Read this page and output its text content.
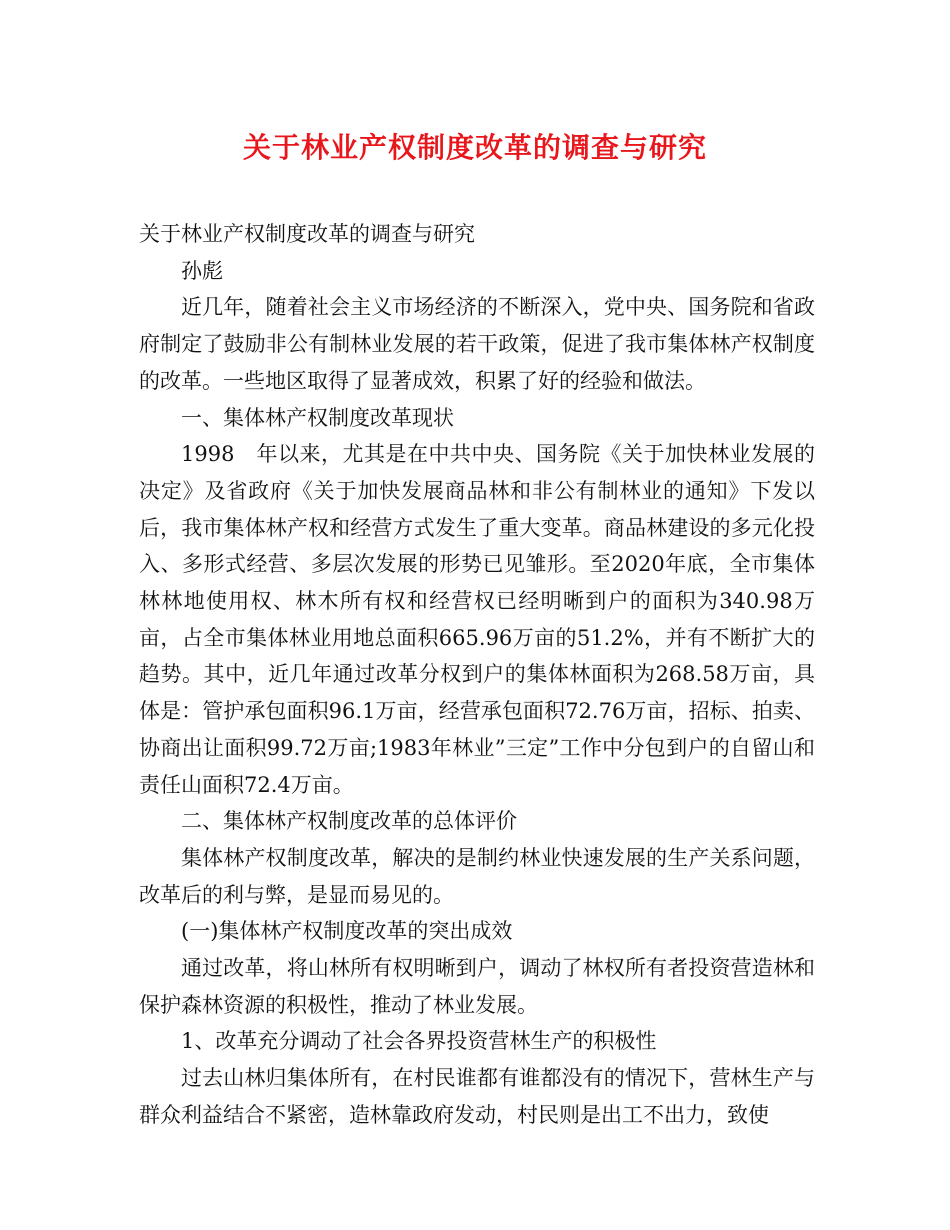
关于林业产权制度改革的调查与研究

关于林业产权制度改革的调查与研究

孙彪

近几年，随着社会主义市场经济的不断深入，党中央、国务院和省政府制定了鼓励非公有制林业发展的若干政策，促进了我市集体林产权制度的改革。一些地区取得了显著成效，积累了好的经验和做法。

一、集体林产权制度改革现状

1998　年以来，尤其是在中共中央、国务院《关于加快林业发展的决定》及省政府《关于加快发展商品林和非公有制林业的通知》下发以后，我市集体林产权和经营方式发生了重大变革。商品林建设的多元化投入、多形式经营、多层次发展的形势已见雏形。至2020年底，全市集体林林地使用权、林木所有权和经营权已经明晰到户的面积为340.98万亩，占全市集体林业用地总面积665.96万亩的51.2%，并有不断扩大的趋势。其中，近几年通过改革分权到户的集体林面积为268.58万亩，具体是：管护承包面积96.1万亩，经营承包面积72.76万亩，招标、拍卖、协商出让面积99.72万亩;1983年林业”三定”工作中分包到户的自留山和责任山面积72.4万亩。

二、集体林产权制度改革的总体评价

集体林产权制度改革，解决的是制约林业快速发展的生产关系问题，改革后的利与弊，是显而易见的。

(一)集体林产权制度改革的突出成效

通过改革，将山林所有权明晰到户，调动了林权所有者投资营造林和保护森林资源的积极性，推动了林业发展。

1、改革充分调动了社会各界投资营林生产的积极性

过去山林归集体所有，在村民谁都有谁都没有的情况下，营林生产与群众利益结合不紧密，造林靠政府发动，村民则是出工不出力，致使
